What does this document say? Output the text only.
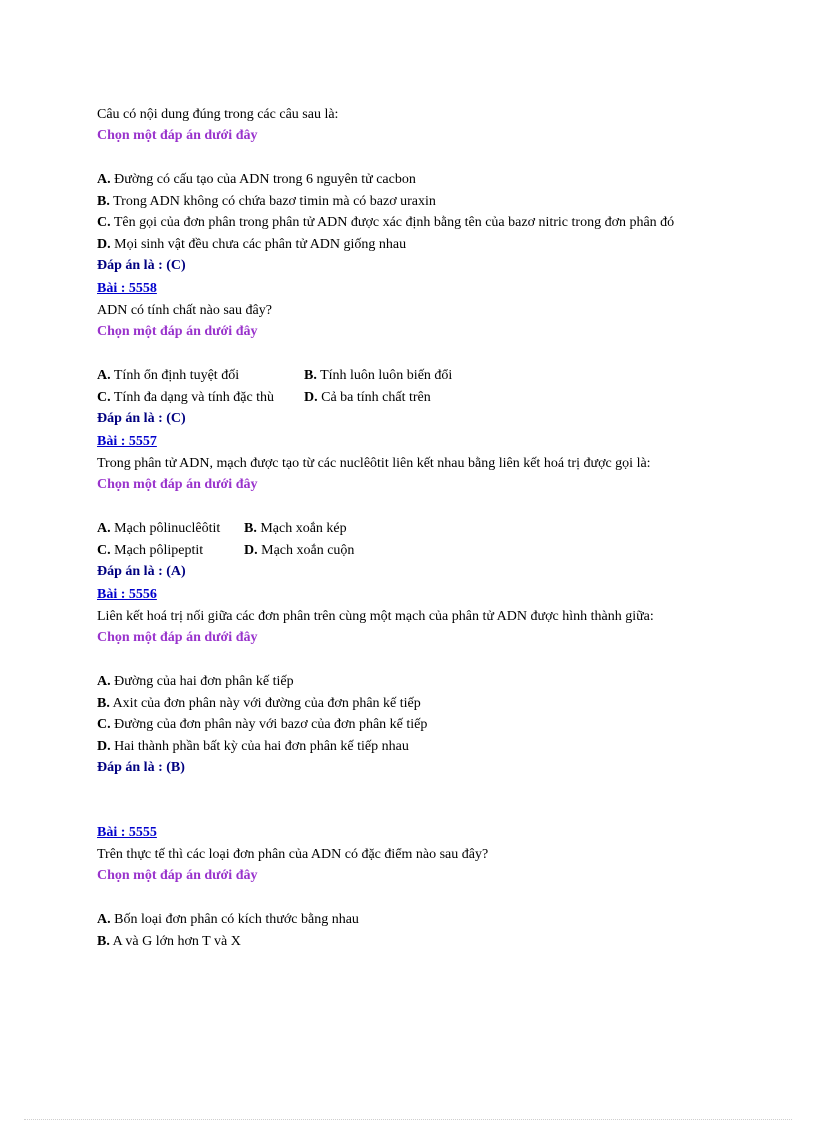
Câu có nội dung đúng trong các câu sau là:

Chọn một đáp án dưới đây

A. Đường có cấu tạo của ADN trong 6 nguyên tử cacbon

B. Trong ADN không có chứa bazơ timin mà có bazơ uraxin

C. Tên gọi của đơn phân trong phân tử ADN được xác định bằng tên của bazơ nitric trong đơn phân đó

D. Mọi sinh vật đều chưa các phân tử ADN giống nhau

Đáp án là : (C)

Bài : 5558

ADN có tính chất nào sau đây?

Chọn một đáp án dưới đây

A. Tính ổn định tuyệt đối	B. Tính luôn luôn biến đổi

C. Tính đa dạng và tính đặc thù	D. Cả ba tính chất trên

Đáp án là : (C)

Bài : 5557

Trong phân tử ADN, mạch được tạo từ các nuclêôtit liên kết nhau bằng liên kết hoá trị được gọi là:

Chọn một đáp án dưới đây

A. Mạch pôlinuclêôtit	B. Mạch xoắn kép

C. Mạch pôlipeptit	D. Mạch xoắn cuộn

Đáp án là : (A)

Bài : 5556

Liên kết hoá trị nối giữa các đơn phân trên cùng một mạch của phân tử ADN được hình thành giữa:

Chọn một đáp án dưới đây

A. Đường của hai đơn phân kế tiếp

B. Axit của đơn phân này với đường của đơn phân kế tiếp

C. Đường của đơn phân này với bazơ của đơn phân kế tiếp

D. Hai thành phần bất kỳ của hai đơn phân kế tiếp nhau

Đáp án là : (B)

Bài : 5555

Trên thực tế thì các loại đơn phân của ADN có đặc điểm nào sau đây?

Chọn một đáp án dưới đây

A. Bốn loại đơn phân có kích thước bằng nhau

B. A và G lớn hơn T và X
